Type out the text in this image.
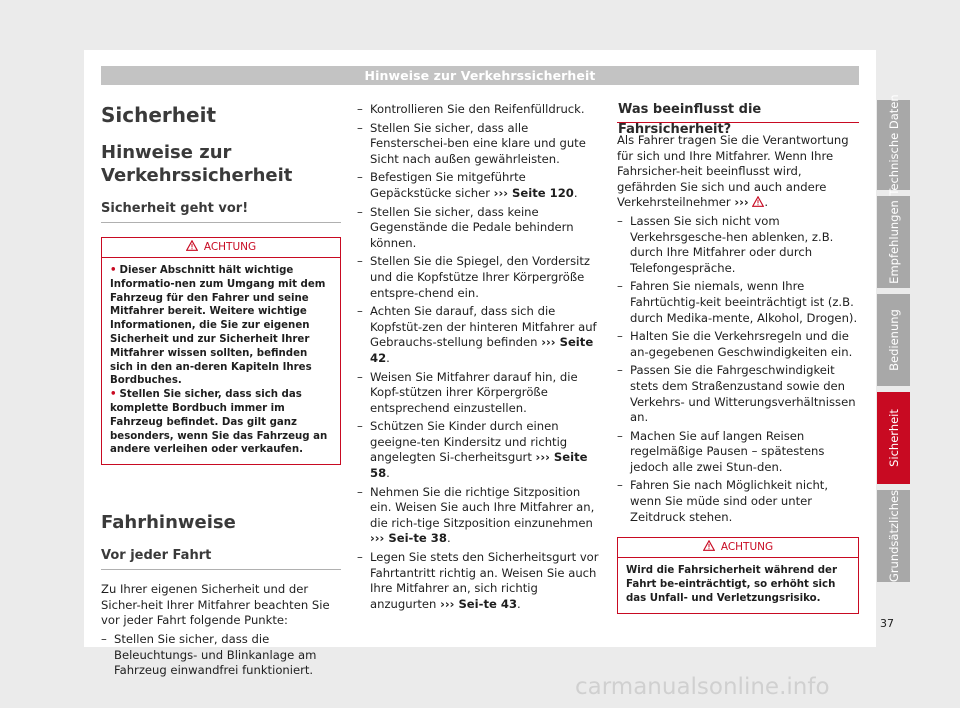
Hinweise zur Verkehrssicherheit
Sicherheit
Hinweise zur
Verkehrssicherheit
Sicherheit geht vor!
ACHTUNG
• Dieser Abschnitt hält wichtige Informatio-nen zum Umgang mit dem Fahrzeug für den Fahrer und seine Mitfahrer bereit. Weitere wichtige Informationen, die Sie zur eigenen Sicherheit und zur Sicherheit Ihrer Mitfahrer wissen sollten, befinden sich in den an-deren Kapiteln Ihres Bordbuches.
• Stellen Sie sicher, dass sich das komplette Bordbuch immer im Fahrzeug befindet. Das gilt ganz besonders, wenn Sie das Fahrzeug an andere verleihen oder verkaufen.
Fahrhinweise
Vor jeder Fahrt

Zu Ihrer eigenen Sicherheit und der Sicher-heit Ihrer Mitfahrer beachten Sie vor jeder Fahrt folgende Punkte:

– Stellen Sie sicher, dass die Beleuchtungs- und Blinkanlage am Fahrzeug einwandfrei funktioniert.
– Kontrollieren Sie den Reifenfülldruck.
– Stellen Sie sicher, dass alle Fensterschei-ben eine klare und gute Sicht nach außen gewährleisten.
– Befestigen Sie mitgeführte Gepäckstücke sicher ››› Seite 120.
– Stellen Sie sicher, dass keine Gegenstände die Pedale behindern können.
– Stellen Sie die Spiegel, den Vordersitz und die Kopfstütze Ihrer Körpergröße entspre-chend ein.
– Achten Sie darauf, dass sich die Kopfstüt-zen der hinteren Mitfahrer auf Gebrauchs-stellung befinden ››› Seite 42.
– Weisen Sie Mitfahrer darauf hin, die Kopf-stützen ihrer Körpergröße entsprechend einzustellen.
– Schützen Sie Kinder durch einen geeigne-ten Kindersitz und richtig angelegten Si-cherheitsgurt ››› Seite 58.
– Nehmen Sie die richtige Sitzposition ein. Weisen Sie auch Ihre Mitfahrer an, die rich-tige Sitzposition einzunehmen ››› Sei-te 38.
– Legen Sie stets den Sicherheitsgurt vor Fahrtantritt richtig an. Weisen Sie auch Ihre Mitfahrer an, sich richtig anzugurten ››› Sei-te 43.
Was beeinflusst die Fahrsicherheit?

Als Fahrer tragen Sie die Verantwortung für sich und Ihre Mitfahrer. Wenn Ihre Fahrsicher-heit beeinflusst wird, gefährden Sie sich und auch andere Verkehrsteilnehmer ››› .

– Lassen Sie sich nicht vom Verkehrsgesche-hen ablenken, z.B. durch Ihre Mitfahrer oder durch Telefongespräche.
– Fahren Sie niemals, wenn Ihre Fahrtüchtig-keit beeinträchtigt ist (z.B. durch Medika-mente, Alkohol, Drogen).
– Halten Sie die Verkehrsregeln und die an-gegebenen Geschwindigkeiten ein.
– Passen Sie die Fahrgeschwindigkeit stets dem Straßenzustand sowie den Verkehrs- und Witterungsverhältnissen an.
– Machen Sie auf langen Reisen regelmäßige Pausen – spätestens jedoch alle zwei Stun-den.
– Fahren Sie nach Möglichkeit nicht, wenn Sie müde sind oder unter Zeitdruck stehen.
ACHTUNG
Wird die Fahrsicherheit während der Fahrt be-einträchtigt, so erhöht sich das Unfall- und Verletzungsrisiko.
Technische Daten
Empfehlungen
Bedienung
Sicherheit
Grundsätzliches
37
carmanualsonline.info
